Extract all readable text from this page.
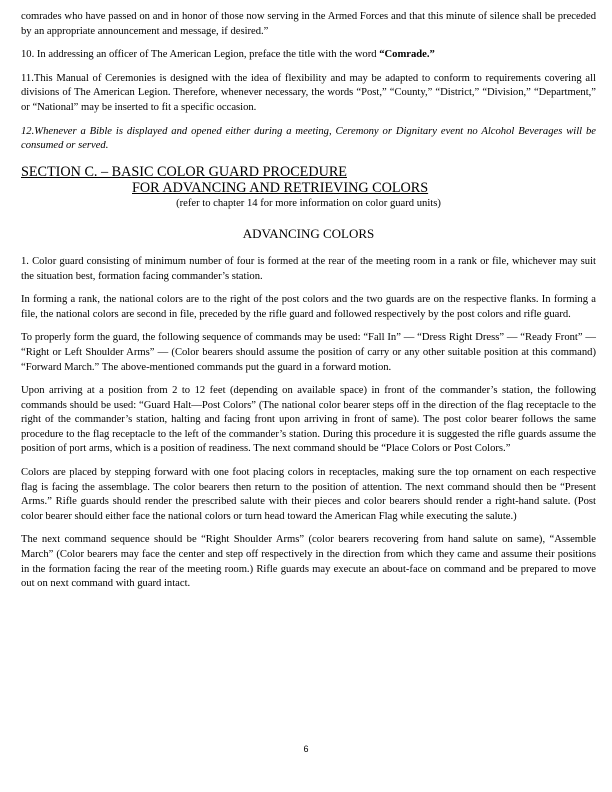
comrades who have passed on and in honor of those now serving in the Armed Forces and that this minute of silence shall be preceded by an appropriate announcement and message, if desired.”

10. In addressing an officer of The American Legion, preface the title with the word “Comrade.”

11.This Manual of Ceremonies is designed with the idea of flexibility and may be adapted to conform to requirements covering all divisions of The American Legion. Therefore, whenever necessary, the words “Post,” “County,” “District,” “Division,” “Department,” or “National” may be inserted to fit a specific occasion.

12.Whenever a Bible is displayed and opened either during a meeting, Ceremony or Dignitary event no Alcohol Beverages will be consumed or served.

SECTION C. – BASIC COLOR GUARD PROCEDURE
FOR ADVANCING AND RETRIEVING COLORS
(refer to chapter 14 for more information on color guard units)
ADVANCING COLORS

1. Color guard consisting of minimum number of four is formed at the rear of the meeting room in a rank or file, whichever may suit the situation best, formation facing commander’s station.

In forming a rank, the national colors are to the right of the post colors and the two guards are on the respective flanks. In forming a file, the national colors are second in file, preceded by the rifle guard and followed respectively by the post colors and rifle guard.

To properly form the guard, the following sequence of commands may be used: “Fall In” — “Dress Right Dress” — “Ready Front” — “Right or Left Shoulder Arms” — (Color bearers should assume the position of carry or any other suitable position at this command) “Forward March.” The above-mentioned commands put the guard in a forward motion.

Upon arriving at a position from 2 to 12 feet (depending on available space) in front of the commander’s station, the following commands should be used: “Guard Halt—Post Colors” (The national color bearer steps off in the direction of the flag receptacle to the right of the commander’s station, halting and facing front upon arriving in front of same). The post color bearer follows the same procedure to the flag receptacle to the left of the commander’s station. During this procedure it is suggested the rifle guards assume the position of port arms, which is a position of readiness. The next command should be “Place Colors or Post Colors.”

Colors are placed by stepping forward with one foot placing colors in receptacles, making sure the top ornament on each respective flag is facing the assemblage. The color bearers then return to the position of attention. The next command should then be “Present Arms.” Rifle guards should render the prescribed salute with their pieces and color bearers should render a right-hand salute. (Post color bearer should either face the national colors or turn head toward the American Flag while executing the salute.)

The next command sequence should be “Right Shoulder Arms” (color bearers recovering from hand salute on same), “Assemble March” (Color bearers may face the center and step off respectively in the direction from which they came and assume their positions in the formation facing the rear of the meeting room.) Rifle guards may execute an about-face on command and be prepared to move out on next command with guard intact.

6
